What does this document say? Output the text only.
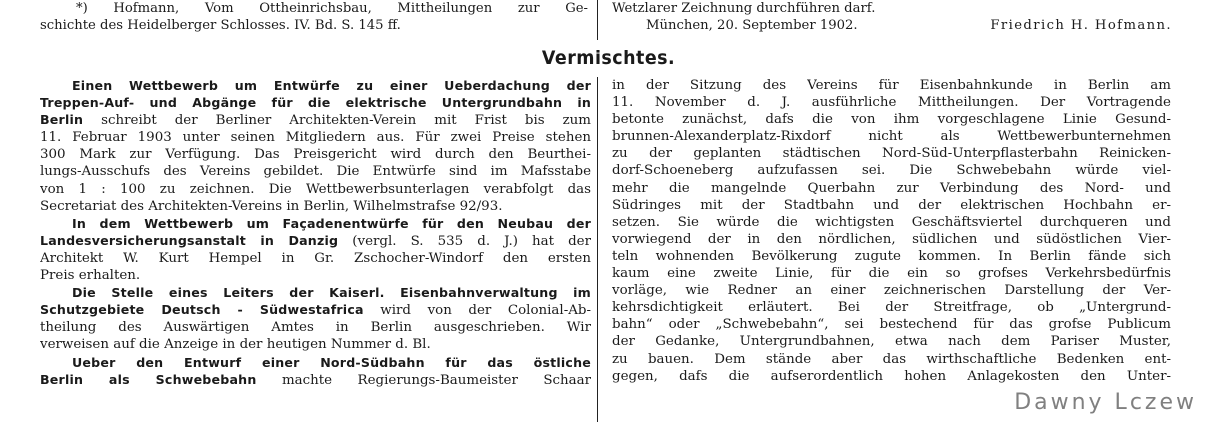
*) Hofmann, Vom Ottheinrichsbau, Mittheilungen zur Ge-
schichte des Heidelberger Schlosses. IV. Bd. S. 145 ff.
Wetzlarer Zeichnung durchführen darf.
München, 20. September 1902.	Friedrich H. Hofmann.
Vermischtes.
Einen Wettbewerb um Entwürfe zu einer Ueberdachung der
Treppen-Auf- und Abgänge für die elektrische Untergrundbahn in
Berlin schreibt der Berliner Architekten-Verein mit Frist bis zum
11. Februar 1903 unter seinen Mitgliedern aus. Für zwei Preise stehen
300 Mark zur Verfügung. Das Preisgericht wird durch den Beurthei-
lungs-Ausschufs des Vereins gebildet. Die Entwürfe sind im Mafsstabe
von 1 : 100 zu zeichnen. Die Wettbewerbsunterlagen verabfolgt das
Secretariat des Architekten-Vereins in Berlin, Wilhelmstrafse 92/93.
In dem Wettbewerb um Façadenentwürfe für den Neubau der
Landesversicherungsanstalt in Danzig (vergl. S. 535 d. J.) hat der
Architekt W. Kurt Hempel in Gr. Zschocher-Windorf den ersten
Preis erhalten.
Die Stelle eines Leiters der Kaiserl. Eisenbahnverwaltung im
Schutzgebiete Deutsch - Südwestafrica wird von der Colonial-Ab-
theilung des Auswärtigen Amtes in Berlin ausgeschrieben. Wir
verweisen auf die Anzeige in der heutigen Nummer d. Bl.
Ueber den Entwurf einer Nord-Südbahn für das östliche
Berlin als Schwebebahn machte Regierungs-Baumeister Schaar
in der Sitzung des Vereins für Eisenbahnkunde in Berlin am
11. November d. J. ausführliche Mittheilungen. Der Vortragende
betonte zunächst, dafs die von ihm vorgeschlagene Linie Gesund-
brunnen-Alexanderplatz-Rixdorf nicht als Wettbewerbunternehmen
zu der geplanten städtischen Nord-Süd-Unterpflasterbahn Reinicken-
dorf-Schoeneberg aufzufassen sei. Die Schwebebahn würde viel-
mehr die mangelnde Querbahn zur Verbindung des Nord- und
Südringes mit der Stadtbahn und der elektrischen Hochbahn er-
setzen. Sie würde die wichtigsten Geschäftsviertel durchqueren und
vorwiegend der in den nördlichen, südlichen und südöstlichen Vier-
teln wohnenden Bevölkerung zugute kommen. In Berlin fände sich
kaum eine zweite Linie, für die ein so grofses Verkehrsbedürfnis
vorläge, wie Redner an einer zeichnerischen Darstellung der Ver-
kehrsdichtigkeit erläutert. Bei der Streitfrage, ob „Untergrund-
bahn“ oder „Schwebebahn“, sei bestechend für das grofse Publicum
der Gedanke, Untergrundbahnen, etwa nach dem Pariser Muster,
zu bauen. Dem stände aber das wirthschaftliche Bedenken ent-
gegen, dafs die aufserordentlich hohen Anlagekosten den Unter-
Dawny Lczew
